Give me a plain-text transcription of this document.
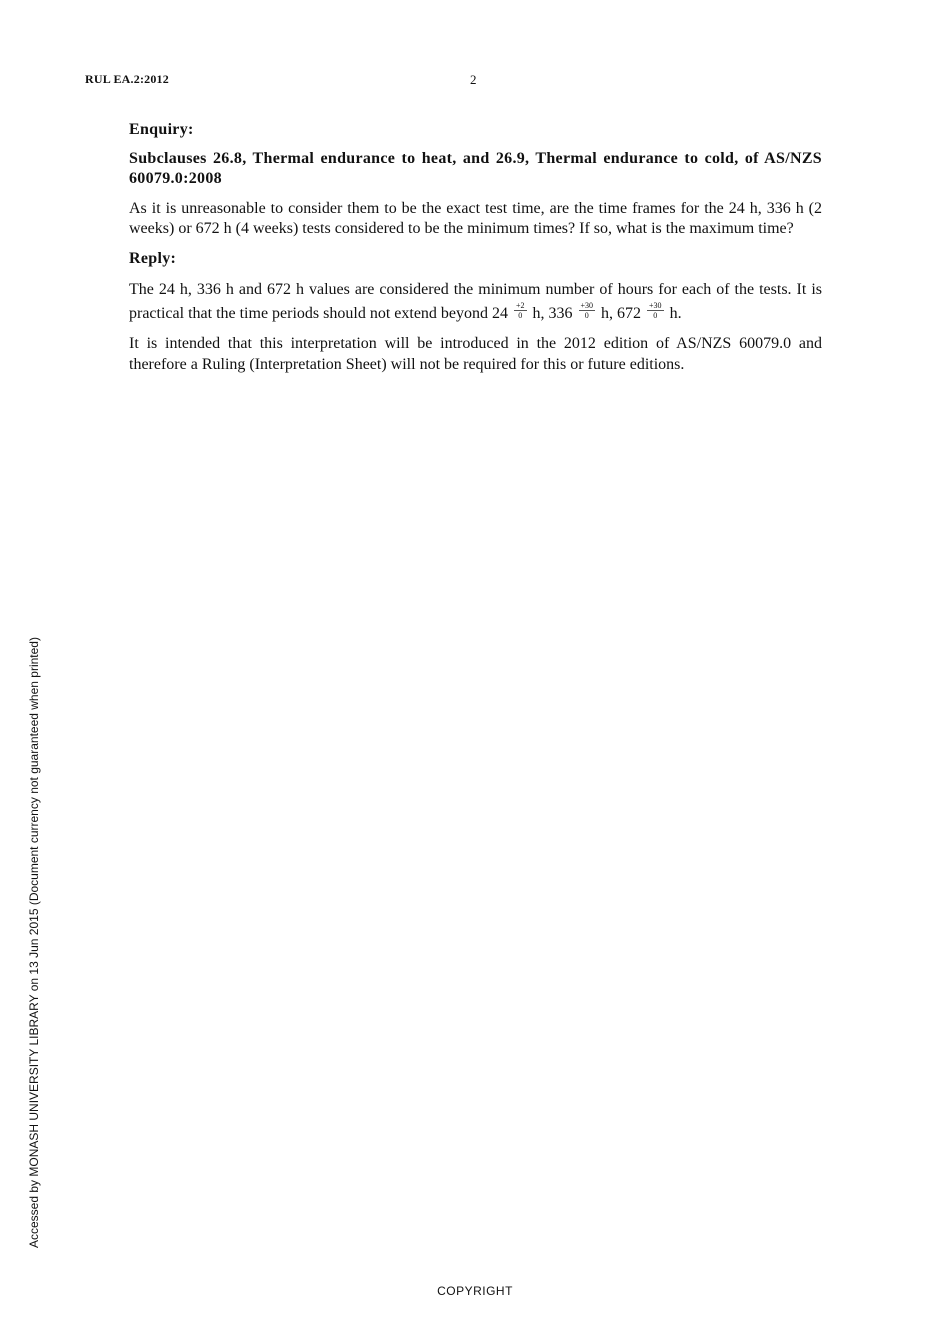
RUL EA.2:2012	2

Enquiry:

Subclauses 26.8, Thermal endurance to heat, and 26.9, Thermal endurance to cold, of AS/NZS 60079.0:2008

As it is unreasonable to consider them to be the exact test time, are the time frames for the 24 h, 336 h (2 weeks) or 672 h (4 weeks) tests considered to be the minimum times? If so, what is the maximum time?

Reply:

The 24 h, 336 h and 672 h values are considered the minimum number of hours for each of the tests. It is practical that the time periods should not extend beyond $24 \frac{+2}{0} h$, $336 \frac{+30}{0} h$, $672 \frac{+30}{0} h$.

It is intended that this interpretation will be introduced in the 2012 edition of AS/NZS 60079.0 and therefore a Ruling (Interpretation Sheet) will not be required for this or future editions.

Accessed by MONASH UNIVERSITY LIBRARY on 13 Jun 2015 (Document currency not guaranteed when printed)
COPYRIGHT
